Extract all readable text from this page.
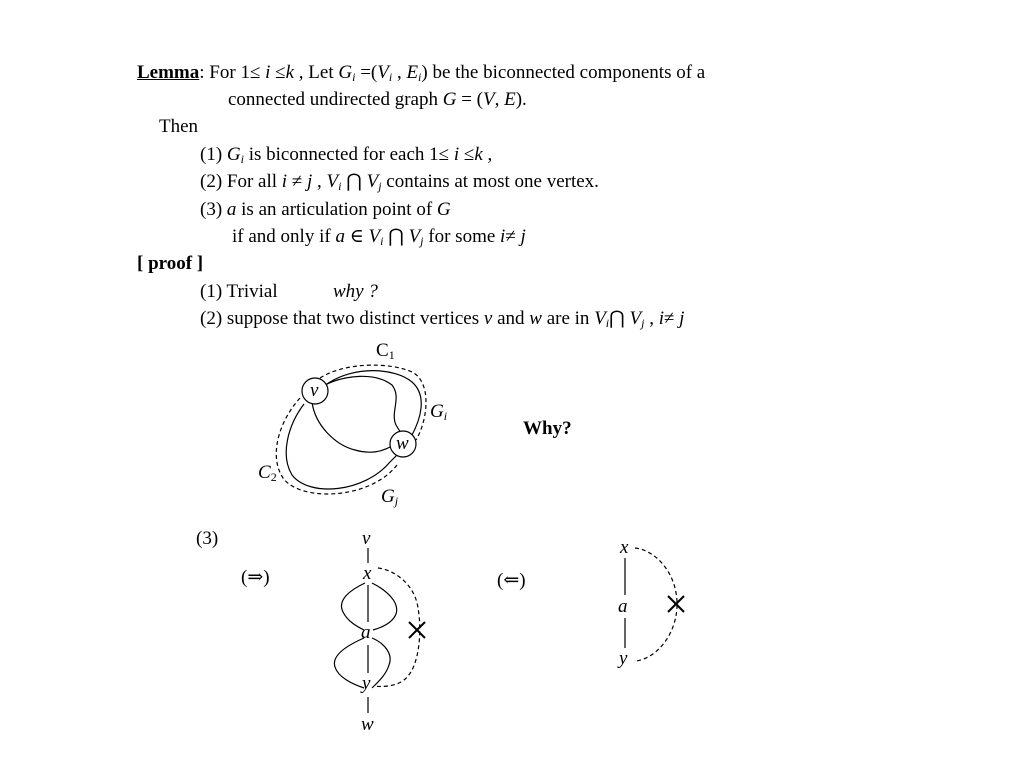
Lemma: For 1≤ i ≤k , Let $G_i =(V_i$ , $E_i$) be the biconnected components of a
connected undirected graph G = (V, E).
Then
(1) $G_i$ is biconnected for each 1≤ i ≤k ,
(2) For all i ≠ j , $V_i$ ⋂ $V_j$ contains at most one vertex.
(3) a is an articulation point of G
if and only if a ∈ $V_i$ ⋂ $V_j$ for some i≠ j
[ proof ]
(1) Trivial	why ?
(2) suppose that two distinct vertices v and w are in $V_i⋂$ $V_j$ , i≠ j
$C_1$
$G_i$
$C_2$
$G_j$
v
w
Why?
(3)
(⇒)	(⇐)
v
x
a
y
w
x
a
y
